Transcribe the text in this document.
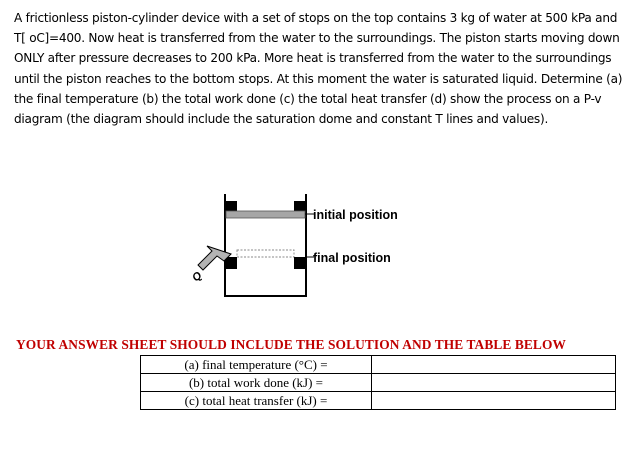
A frictionless piston-cylinder device with a set of stops on the top contains 3 kg of water at 500 kPa and T[ oC]=400. Now heat is transferred from the water to the surroundings. The piston starts moving down ONLY after pressure decreases to 200 kPa. More heat is transferred from the water to the surroundings until the piston reaches to the bottom stops. At this moment the water is saturated liquid. Determine (a) the final temperature (b) the total work done (c) the total heat transfer (d) show the process on a P-v diagram (the diagram should include the saturation dome and constant T lines and values).

initial position
final position
Q
YOUR ANSWER SHEET SHOULD INCLUDE THE SOLUTION AND THE TABLE BELOW
(a) final temperature (°C) =	
(b) total work done (kJ) =	
(c) total heat transfer (kJ) =	
